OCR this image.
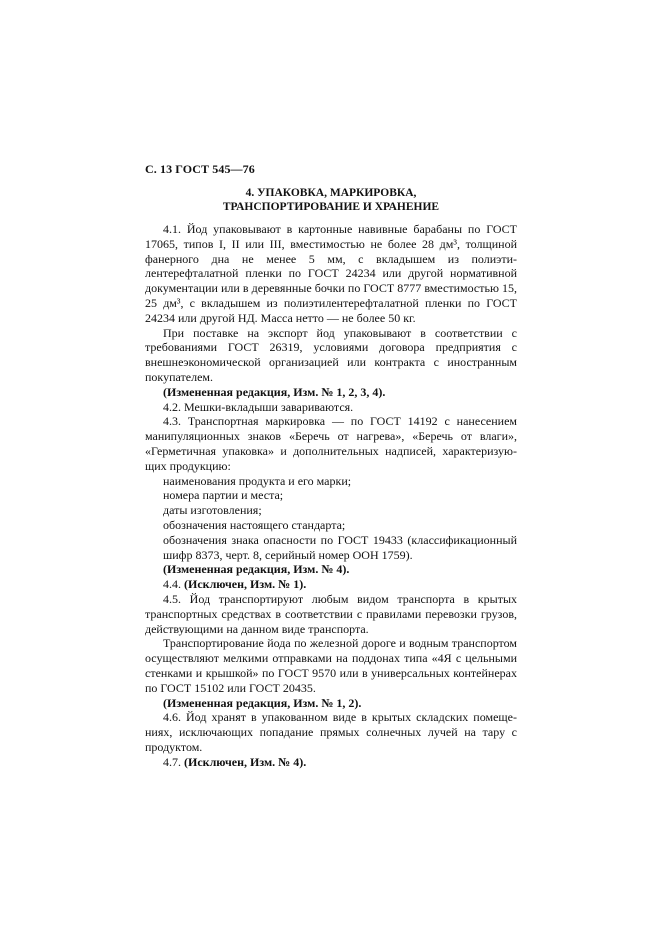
С. 13 ГОСТ 545—76
4. УПАКОВКА, МАРКИРОВКА,
ТРАНСПОРТИРОВАНИЕ И ХРАНЕНИЕ

4.1. Йод упаковывают в картонные навивные барабаны по ГОСТ 17065, типов I, II или III, вместимостью не более 28 дм³, толщиной фанерного дна не менее 5 мм, с вкладышем из полиэтилентерефталатной пленки по ГОСТ 24234 или другой нормативной документации или в деревянные бочки по ГОСТ 8777 вместимостью 15, 25 дм³, с вкладышем из полиэтилентерефталатной пленки по ГОСТ 24234 или другой НД. Масса нетто — не более 50 кг.

При поставке на экспорт йод упаковывают в соответствии с требованиями ГОСТ 26319, условиями договора предприятия с внешнеэкономической организацией или контракта с иностранным покупателем.

(Измененная редакция, Изм. № 1, 2, 3, 4).

4.2. Мешки-вкладыши завариваются.

4.3. Транспортная маркировка — по ГОСТ 14192 с нанесением манипуляционных знаков «Беречь от нагрева», «Беречь от влаги», «Герметичная упаковка» и дополнительных надписей, характеризующих продукцию:

наименования продукта и его марки;

номера партии и места;

даты изготовления;

обозначения настоящего стандарта;

обозначения знака опасности по ГОСТ 19433 (классификационный шифр 8373, черт. 8, серийный номер ООН 1759).

(Измененная редакция, Изм. № 4).

4.4. (Исключен, Изм. № 1).

4.5. Йод транспортируют любым видом транспорта в крытых транспортных средствах в соответствии с правилами перевозки грузов, действующими на данном виде транспорта.

Транспортирование йода по железной дороге и водным транспортом осуществляют мелкими отправками на поддонах типа «4Я с цельными стенками и крышкой» по ГОСТ 9570 или в универсальных контейнерах по ГОСТ 15102 или ГОСТ 20435.

(Измененная редакция, Изм. № 1, 2).

4.6. Йод хранят в упакованном виде в крытых складских помещениях, исключающих попадание прямых солнечных лучей на тару с продуктом.

4.7. (Исключен, Изм. № 4).
